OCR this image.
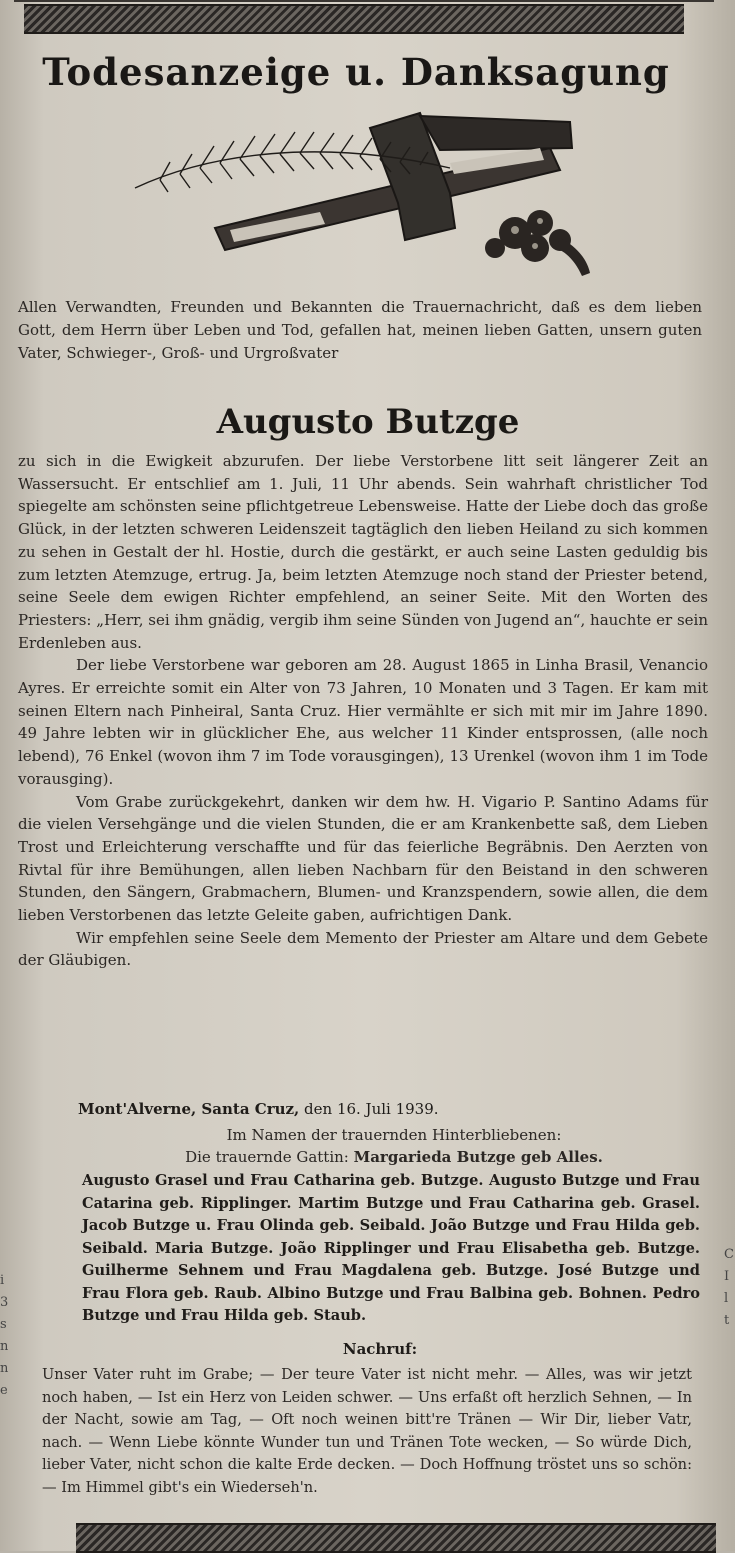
Todesanzeige u. Danksagung
Allen Verwandten, Freunden und Bekannten die Trauernachricht, daß es dem lieben Gott, dem Herrn über Leben und Tod, gefallen hat, meinen lieben Gatten, unsern guten Vater, Schwieger-, Groß- und Urgroßvater
Augusto Butzge

zu sich in die Ewigkeit abzurufen. Der liebe Verstorbene litt seit längerer Zeit an Wassersucht. Er entschlief am 1. Juli, 11 Uhr abends. Sein wahrhaft christlicher Tod spiegelte am schönsten seine pflichtgetreue Lebensweise. Hatte der Liebe doch das große Glück, in der letzten schweren Leidenszeit tagtäglich den lieben Heiland zu sich kommen zu sehen in Gestalt der hl. Hostie, durch die gestärkt, er auch seine Lasten geduldig bis zum letzten Atemzuge, ertrug. Ja, beim letzten Atemzuge noch stand der Priester betend, seine Seele dem ewigen Richter empfehlend, an seiner Seite. Mit den Worten des Priesters: „Herr, sei ihm gnädig, vergib ihm seine Sünden von Jugend an“, hauchte er sein Erdenleben aus.

Der liebe Verstorbene war geboren am 28. August 1865 in Linha Brasil, Venancio Ayres. Er erreichte somit ein Alter von 73 Jahren, 10 Monaten und 3 Tagen. Er kam mit seinen Eltern nach Pinheiral, Santa Cruz. Hier vermählte er sich mit mir im Jahre 1890. 49 Jahre lebten wir in glücklicher Ehe, aus welcher 11 Kinder entsprossen, (alle noch lebend), 76 Enkel (wovon ihm 7 im Tode vorausgingen), 13 Urenkel (wovon ihm 1 im Tode vorausging).

Vom Grabe zurückgekehrt, danken wir dem hw. H. Vigario P. Santino Adams für die vielen Versehgänge und die vielen Stunden, die er am Krankenbette saß, dem Lieben Trost und Erleichterung verschaffte und für das feierliche Begräbnis. Den Aerzten von Rivtal für ihre Bemühungen, allen lieben Nachbarn für den Beistand in den schweren Stunden, den Sängern, Grabmachern, Blumen- und Kranzspendern, sowie allen, die dem lieben Verstorbenen das letzte Geleite gaben, aufrichtigen Dank.

Wir empfehlen seine Seele dem Memento der Priester am Altare und dem Gebete der Gläubigen.

Mont'Alverne, Santa Cruz, den 16. Juli 1939.
Im Namen der trauernden Hinterbliebenen:
Die trauernde Gattin: Margarieda Butzge geb Alles.
Augusto Grasel und Frau Catharina geb. Butzge. Augusto Butzge und Frau Catarina geb. Ripplinger. Martim Butzge und Frau Catharina geb. Grasel. Jacob Butzge u. Frau Olinda geb. Seibald. João Butzge und Frau Hilda geb. Seibald. Maria Butzge. João Ripplinger und Frau Elisabetha geb. Butzge. Guilherme Sehnem und Frau Magdalena geb. Butzge. José Butzge und Frau Flora geb. Raub. Albino Butzge und Frau Balbina geb. Bohnen. Pedro Butzge und Frau Hilda geb. Staub.
Nachruf:
Unser Vater ruht im Grabe; — Der teure Vater ist nicht mehr. — Alles, was wir jetzt noch haben, — Ist ein Herz von Leiden schwer. — Uns erfaßt oft herzlich Sehnen, — In der Nacht, sowie am Tag, — Oft noch weinen bitt're Tränen — Wir Dir, lieber Vatr, nach. — Wenn Liebe könnte Wunder tun und Tränen Tote wecken, — So würde Dich, lieber Vater, nicht schon die kalte Erde decken. — Doch Hoffnung tröstet uns so schön: — Im Himmel gibt's ein Wiederseh'n.
i
3
s
n
n
e
C
I
l
t
